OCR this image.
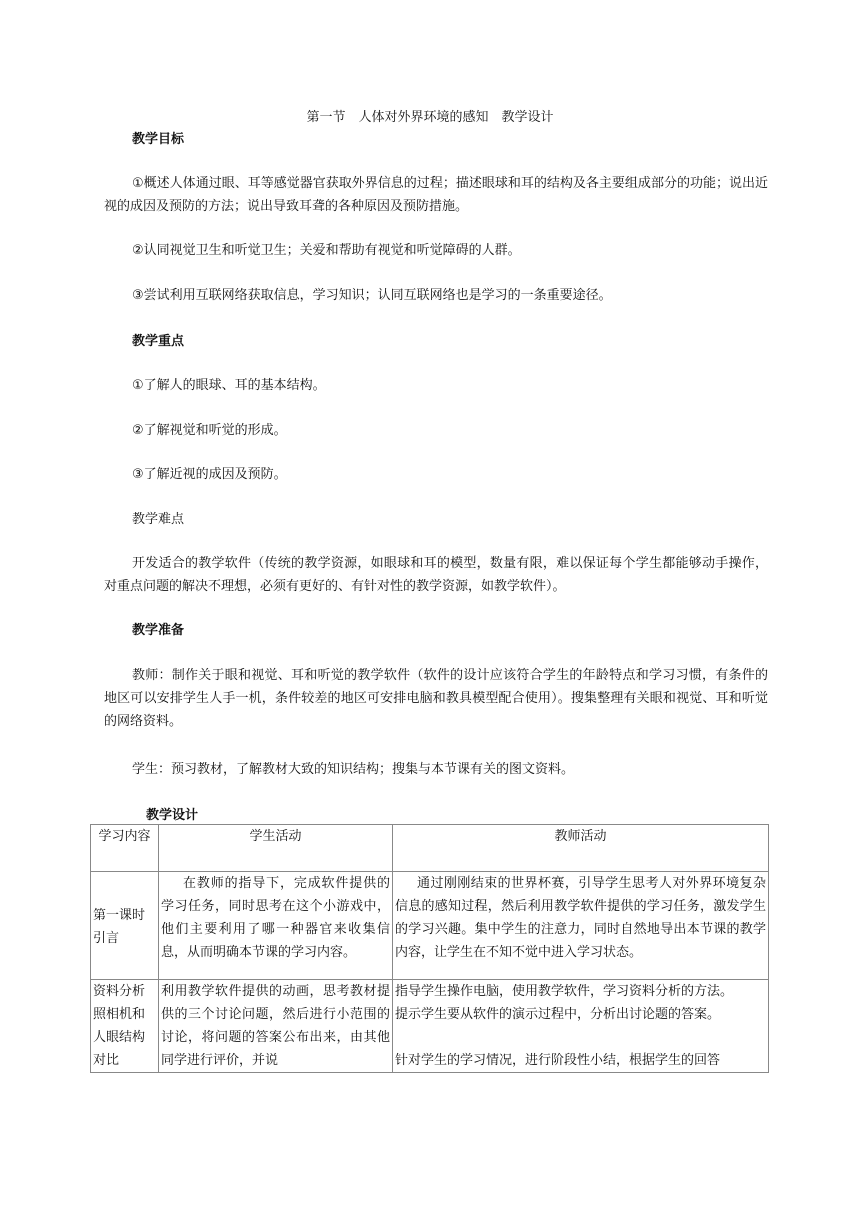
第一节　人体对外界环境的感知　教学设计
教学目标
①概述人体通过眼、耳等感觉器官获取外界信息的过程；描述眼球和耳的结构及各主要组成部分的功能；说出近视的成因及预防的方法；说出导致耳聋的各种原因及预防措施。
②认同视觉卫生和听觉卫生；关爱和帮助有视觉和听觉障碍的人群。
③尝试利用互联网络获取信息，学习知识；认同互联网络也是学习的一条重要途径。
教学重点
①了解人的眼球、耳的基本结构。
②了解视觉和听觉的形成。
③了解近视的成因及预防。
教学难点
开发适合的教学软件（传统的教学资源，如眼球和耳的模型，数量有限，难以保证每个学生都能够动手操作，对重点问题的解决不理想，必须有更好的、有针对性的教学资源，如教学软件）。
教学准备
教师：制作关于眼和视觉、耳和听觉的教学软件（软件的设计应该符合学生的年龄特点和学习习惯，有条件的地区可以安排学生人手一机，条件较差的地区可安排电脑和教具模型配合使用）。搜集整理有关眼和视觉、耳和听觉的网络资料。
学生：预习教材，了解教材大致的知识结构；搜集与本节课有关的图文资料。
教学设计
学习内容	学生活动	教师活动

第一课时引言	在教师的指导下，完成软件提供的学习任务，同时思考在这个小游戏中，他们主要利用了哪一种器官来收集信息，从而明确本节课的学习内容。	通过刚刚结束的世界杯赛，引导学生思考人对外界环境复杂信息的感知过程，然后利用教学软件提供的学习任务，激发学生的学习兴趣。集中学生的注意力，同时自然地导出本节课的教学内容，让学生在不知不觉中进入学习状态。

资料分析照相机和人眼结构对比	利用教学软件提供的动画，思考教材提供的三个讨论问题，然后进行小范围的讨论，将问题的答案公布出来，由其他同学进行评价，并说	指导学生操作电脑，使用教学软件，学习资料分析的方法。
提示学生要从软件的演示过程中，分析出讨论题的答案。
针对学生的学习情况，进行阶段性小结，根据学生的回答
